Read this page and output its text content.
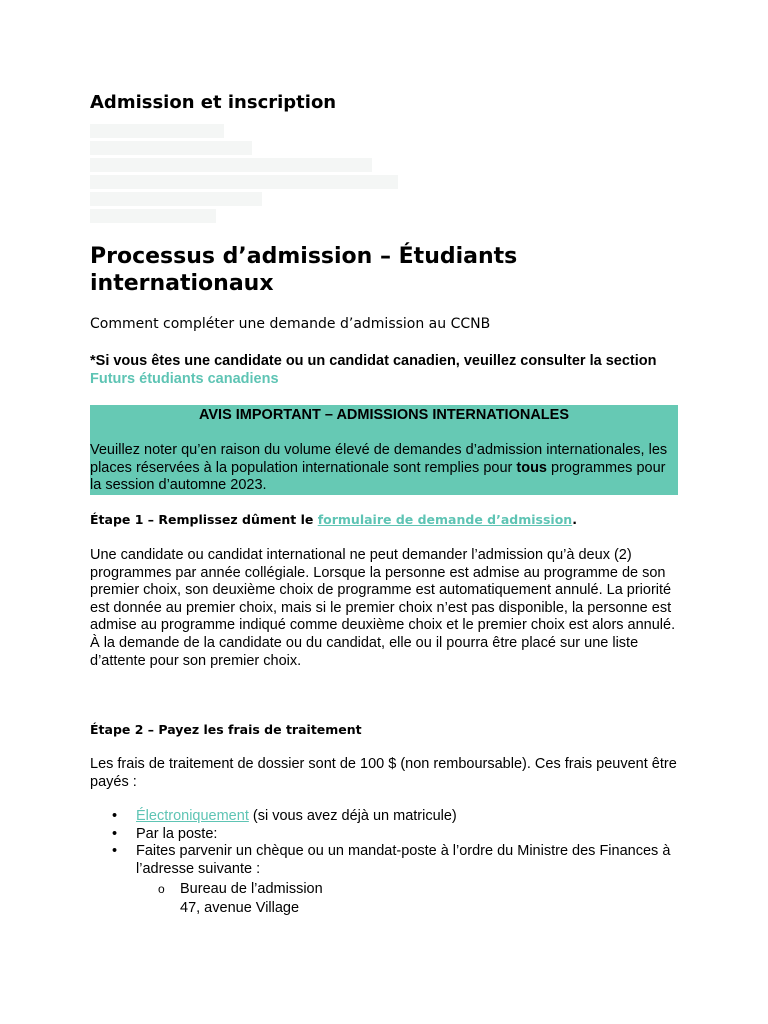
Admission et inscription
Processus d’admission – Étudiants internationaux
Comment compléter une demande d’admission au CCNB
*Si vous êtes une candidate ou un candidat canadien, veuillez consulter la section Futurs étudiants canadiens
AVIS IMPORTANT – ADMISSIONS INTERNATIONALES
Veuillez noter qu’en raison du volume élevé de demandes d’admission internationales, les places réservées à la population internationale sont remplies pour tous programmes pour la session d’automne 2023.
Étape 1 – Remplissez dûment le formulaire de demande d’admission.

Une candidate ou candidat international ne peut demander l’admission qu’à deux (2) programmes par année collégiale. Lorsque la personne est admise au programme de son premier choix, son deuxième choix de programme est automatiquement annulé. La priorité est donnée au premier choix, mais si le premier choix n’est pas disponible, la personne est admise au programme indiqué comme deuxième choix et le premier choix est alors annulé. À la demande de la candidate ou du candidat, elle ou il pourra être placé sur une liste d’attente pour son premier choix.

Étape 2 – Payez les frais de traitement

Les frais de traitement de dossier sont de 100 $ (non remboursable). Ces frais peuvent être payés :

• Électroniquement (si vous avez déjà un matricule)
• Par la poste:
• Faites parvenir un chèque ou un mandat-poste à l’ordre du Ministre des Finances à l’adresse suivante :
o Bureau de l’admission
47, avenue Village
